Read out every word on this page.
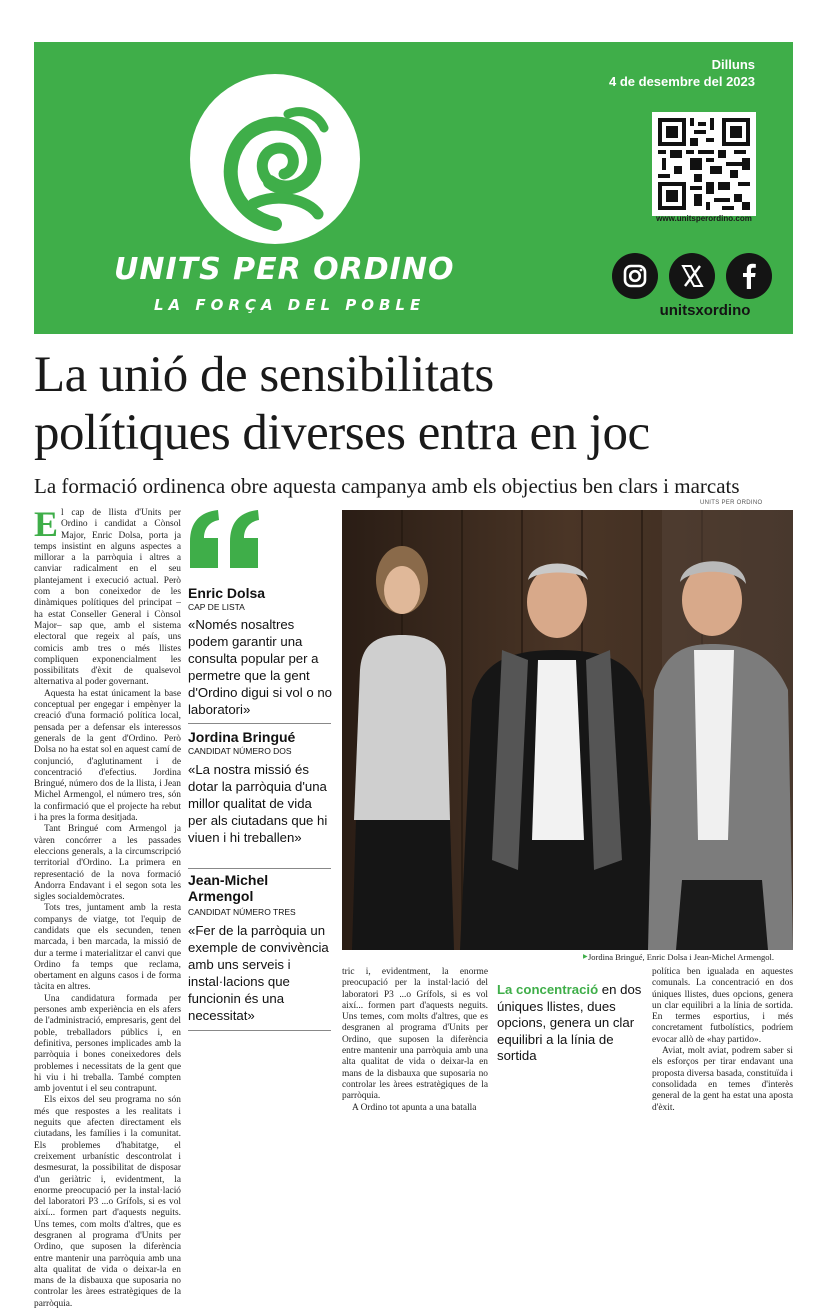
UNITS PER ORDINO
LA FORÇA DEL POBLE
Dilluns
4 de desembre del 2023
www.unitsperordino.com
unitsxordino
La unió de sensibilitats
polítiques diverses entra en joc
La formació ordinenca obre aquesta campanya amb els objectius ben clars i marcats
UNITS PER ORDINO

El cap de llista d'Units per Ordino i candidat a Cònsol Major, Enric Dolsa, porta ja temps insistint en alguns aspectes a millorar a la parròquia i altres a canviar radicalment en el seu plantejament i execució actual. Però com a bon coneixedor de les dinàmiques polítiques del principat –ha estat Conseller General i Cònsol Major– sap que, amb el sistema electoral que regeix al país, uns comicis amb tres o més llistes compliquen exponencialment les possibilitats d'èxit de qualsevol alternativa al poder governant.

Aquesta ha estat únicament la base conceptual per engegar i empènyer la creació d'una formació política local, pensada per a defensar els interessos generals de la gent d'Ordino. Però Dolsa no ha estat sol en aquest camí de conjunció, d'aglutinament i de concentració d'efectius. Jordina Bringué, número dos de la llista, i Jean Michel Armengol, el número tres, són la confirmació que el projecte ha rebut i ha pres la forma desitjada.

Tant Bringué com Armengol ja vàren concórrer a les passades eleccions generals, a la circumscripció territorial d'Ordino. La primera en representació de la nova formació Andorra Endavant i el segon sota les sigles socialdemòcrates.

Tots tres, juntament amb la resta companys de viatge, tot l'equip de candidats que els secunden, tenen marcada, i ben marcada, la missió de dur a terme i materialitzar el canvi que Ordino fa temps que reclama, obertament en alguns casos i de forma tàcita en altres.

Una candidatura formada per persones amb experiència en els afers de l'administració, empresaris, gent del poble, treballadors públics i, en definitiva, persones implicades amb la parròquia i bones coneixedores dels problemes i necessitats de la gent que hi viu i hi treballa. També compten amb joventut i el seu contrapunt.

Els eixos del seu programa no són més que respostes a les realitats i neguits que afecten directament els ciutadans, les famílies i la comunitat. Els problemes d'habitatge, el creixement urbanístic descontrolat i desmesurat, la possibilitat de disposar d'un geriàtric i, evidentment, la enorme preocupació per la instal·lació del laboratori P3 ...o Grífols, si es vol així... formen part d'aquests neguits. Uns temes, com molts d'altres, que es desgranen al programa d'Units per Ordino, que suposen la diferència entre mantenir una parròquia amb una alta qualitat de vida o deixar-la en mans de la disbauxa que suposaria no controlar les àrees estratègiques de la parròquia.

Enric Dolsa
CAP DE LISTA
«Només nosaltres podem garantir una consulta popular per a permetre que la gent d'Ordino digui si vol o no laboratori»
Jordina Bringué
CANDIDAT NÚMERO DOS
«La nostra missió és dotar la parròquia d'una millor qualitat de vida per als ciutadans que hi viuen i hi treballen»
Jean-Michel Armengol
CANDIDAT NÚMERO TRES
«Fer de la parròquia un exemple de convivència amb uns serveis i instal·lacions que funcionin és una necessitat»
▶ Jordina Bringué, Enric Dolsa i Jean-Michel Armengol.

tric i, evidentment, la enorme preocupació per la instal·lació del laboratori P3 ...o Grífols, si es vol així... formen part d'aquests neguits. Uns temes, com molts d'altres, que es desgranen al programa d'Units per Ordino, que suposen la diferència entre mantenir una parròquia amb una alta qualitat de vida o deixar-la en mans de la disbauxa que suposaria no controlar les àrees estratègiques de la parròquia.

A Ordino tot apunta a una batalla

La concentració en dos úniques llistes, dues opcions, genera un clar equilibri a la línia de sortida

política ben igualada en aquestes comunals. La concentració en dos úniques llistes, dues opcions, genera un clar equilibri a la línia de sortida. En termes esportius, i més concretament futbolístics, podríem evocar allò de «hay partido».

Aviat, molt aviat, podrem saber si els esforços per tirar endavant una proposta diversa basada, constituïda i consolidada en temes d'interès general de la gent ha estat una aposta d'èxit.
